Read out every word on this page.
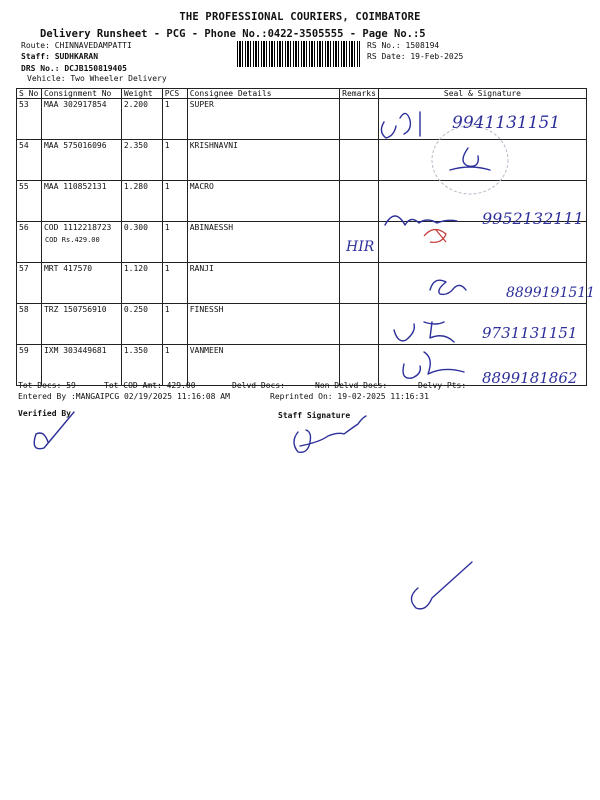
THE PROFESSIONAL COURIERS, COIMBATORE
Delivery Runsheet - PCG - Phone No.:0422-3505555 - Page No.:5
Route: CHINNAVEDAMPATTI
Staff: SUDHKARAN
DRS No.: DCJB150819405
Vehicle: Two Wheeler Delivery
RS No.: 1508194
RS Date: 19-Feb-2025
S No	Consignment No	Weight	PCS	Consignee Details	Remarks	Seal & Signature
53	MAA 302917854	2.200	1	SUPER		
54	MAA 575016096	2.350	1	KRISHNAVNI		
55	MAA 110852131	1.280	1	MACRO		
56	COD 1112218723
COD Rs.429.00	0.300	1	ABINAESSH		
57	MRT 417570	1.120	1	RANJI		
58	TRZ 150756910	0.250	1	FINESSH		
59	IXM 303449681	1.350	1	VANMEEN		
Tot Docs: 59	Tot COD Amt: 429.00	Delvd Docs:	Non Delvd Docs:	Delvy Pts:
Entered By :MANGAIPCG 02/19/2025 11:16:08 AM	Reprinted On: 19-02-2025 11:16:31
Verified By	Staff Signature
9941131151
9952132111
HIR
8899191511
9731131151
8899181862
